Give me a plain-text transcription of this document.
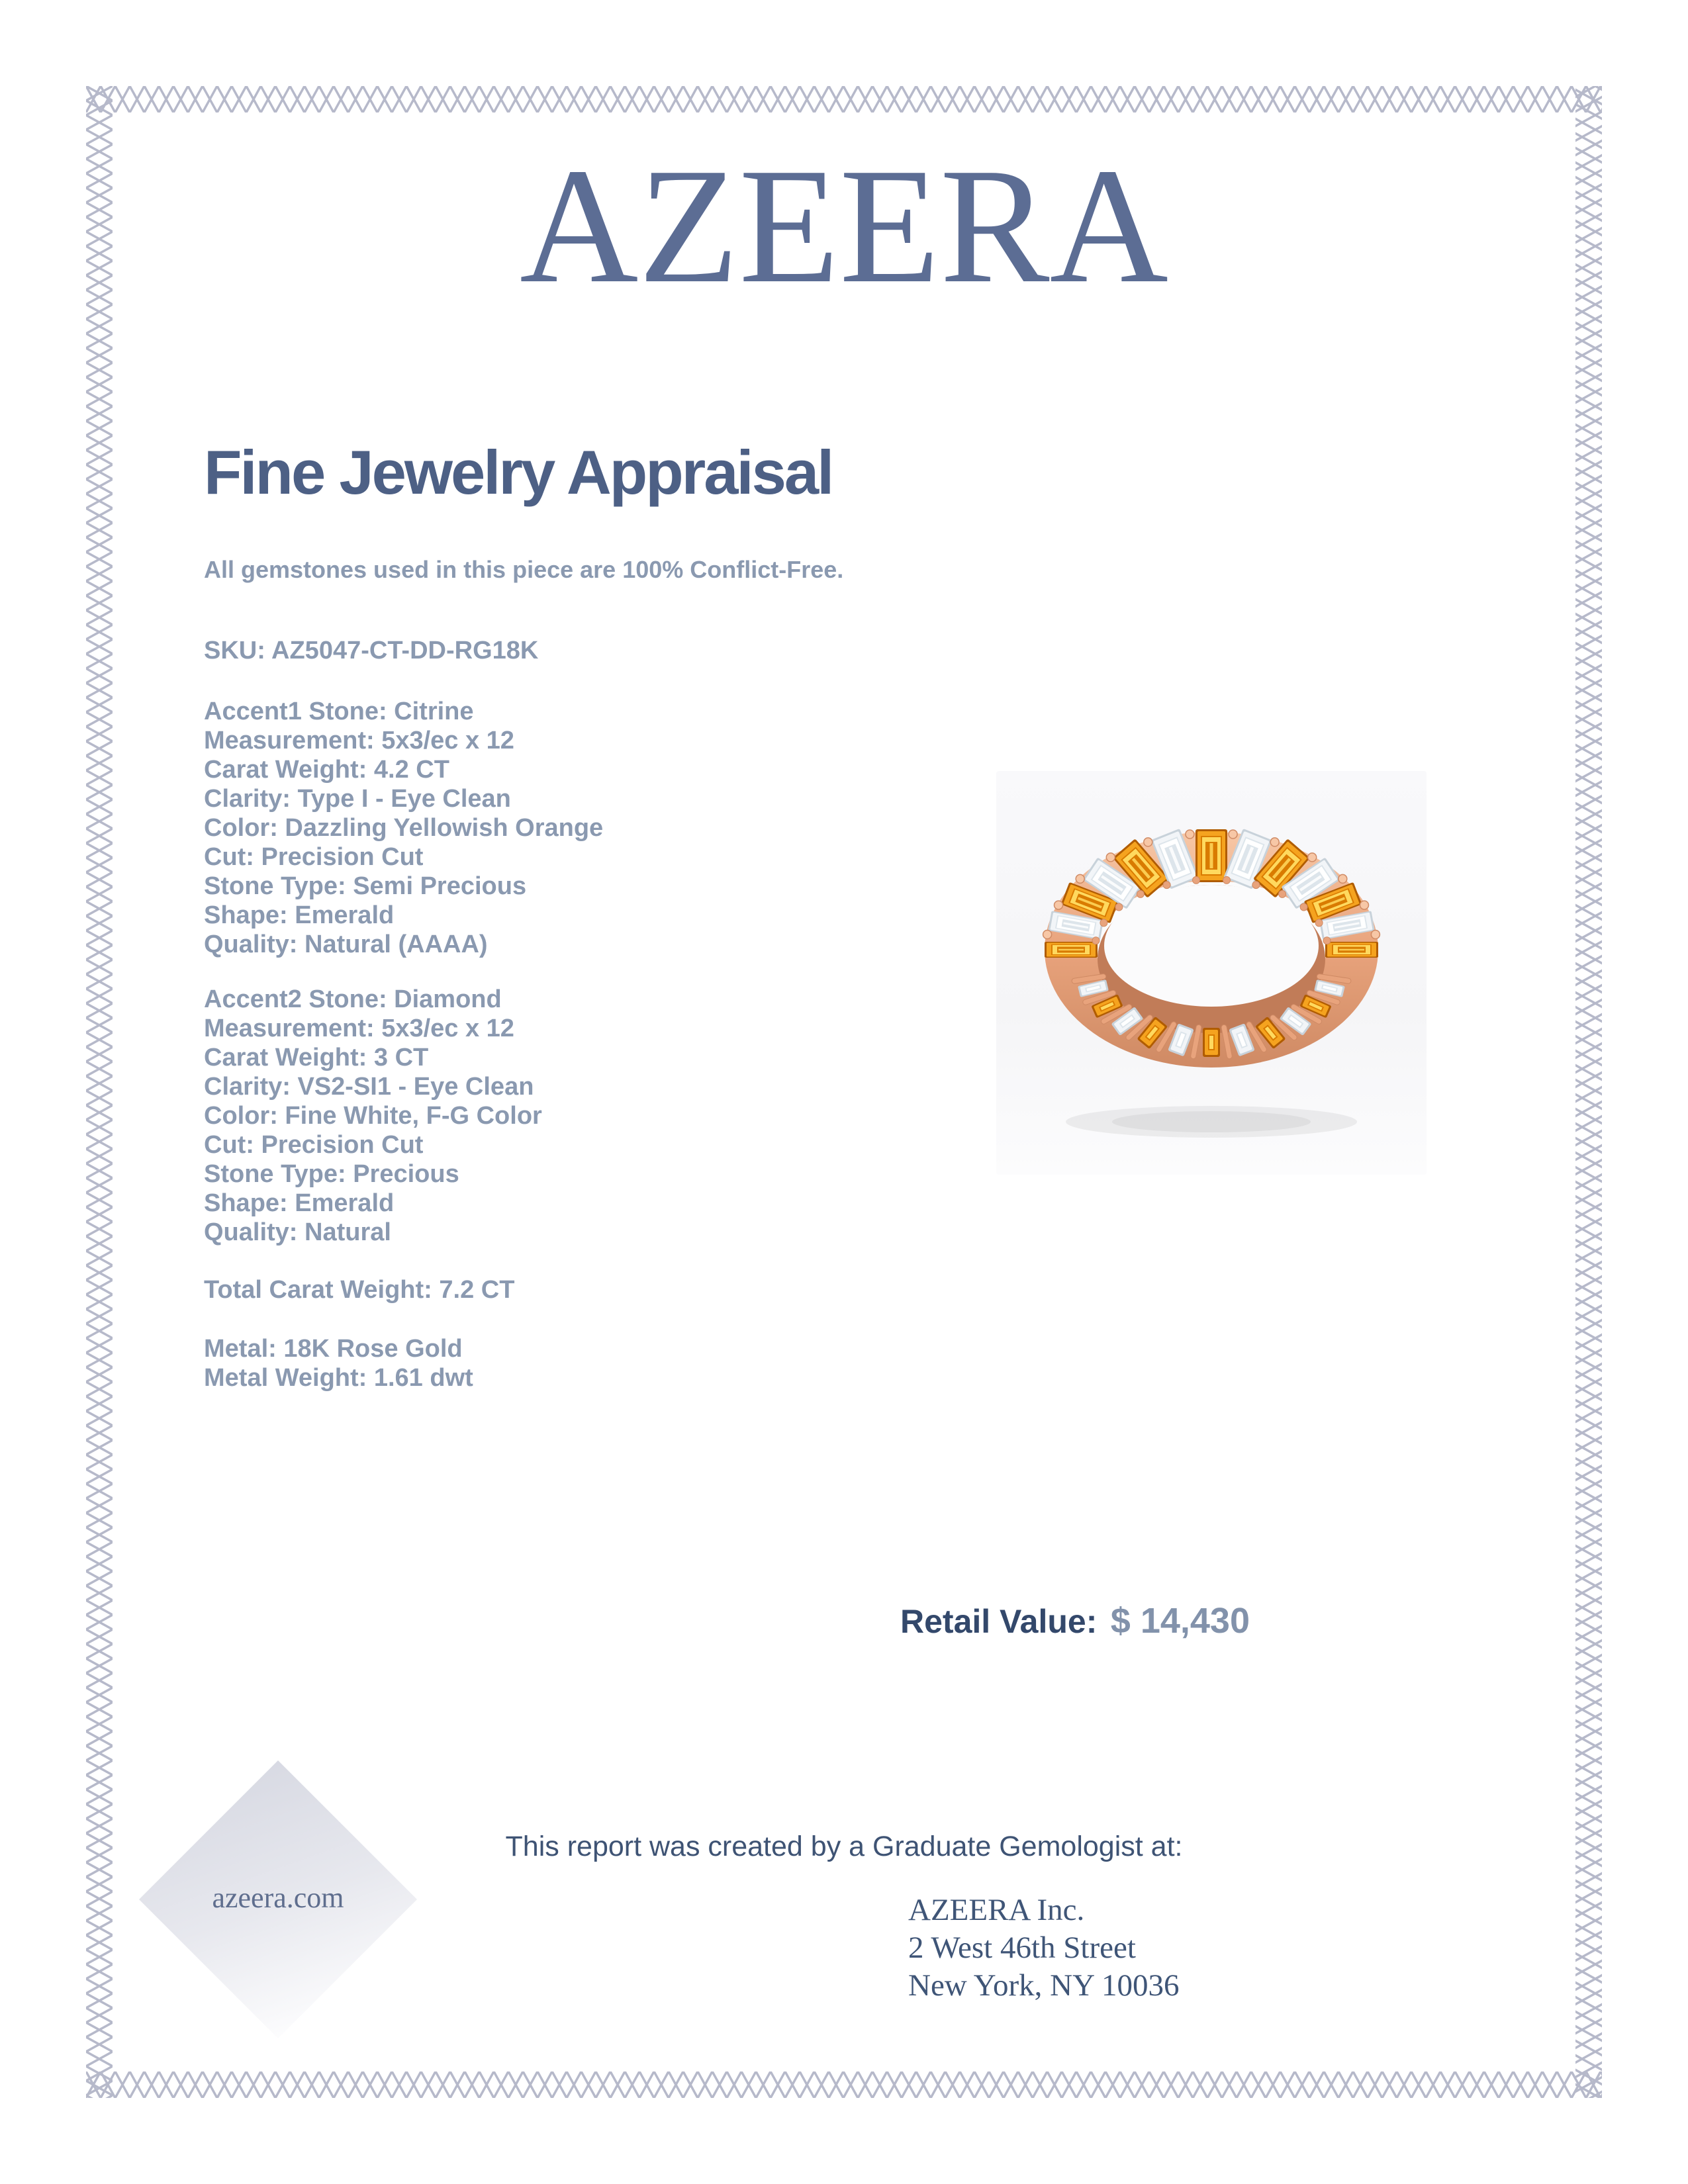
AZEERA
Fine Jewelry Appraisal
All gemstones used in this piece are 100% Conflict-Free.
SKU: AZ5047-CT-DD-RG18K
Accent1 Stone: Citrine
Measurement: 5x3/ec x 12
Carat Weight: 4.2 CT
Clarity: Type I - Eye Clean
Color: Dazzling Yellowish Orange
Cut: Precision Cut
Stone Type: Semi Precious
Shape: Emerald
Quality: Natural (AAAA)
Accent2 Stone: Diamond
Measurement: 5x3/ec x 12
Carat Weight: 3 CT
Clarity: VS2-SI1 - Eye Clean
Color: Fine White, F-G Color
Cut: Precision Cut
Stone Type: Precious
Shape: Emerald
Quality: Natural
Total Carat Weight: 7.2 CT
Metal: 18K Rose Gold
Metal Weight: 1.61 dwt
Retail Value: $ 14,430
This report was created by a Graduate Gemologist at:
azeera.com	AZEERA Inc.
2 West 46th Street
New York, NY 10036
